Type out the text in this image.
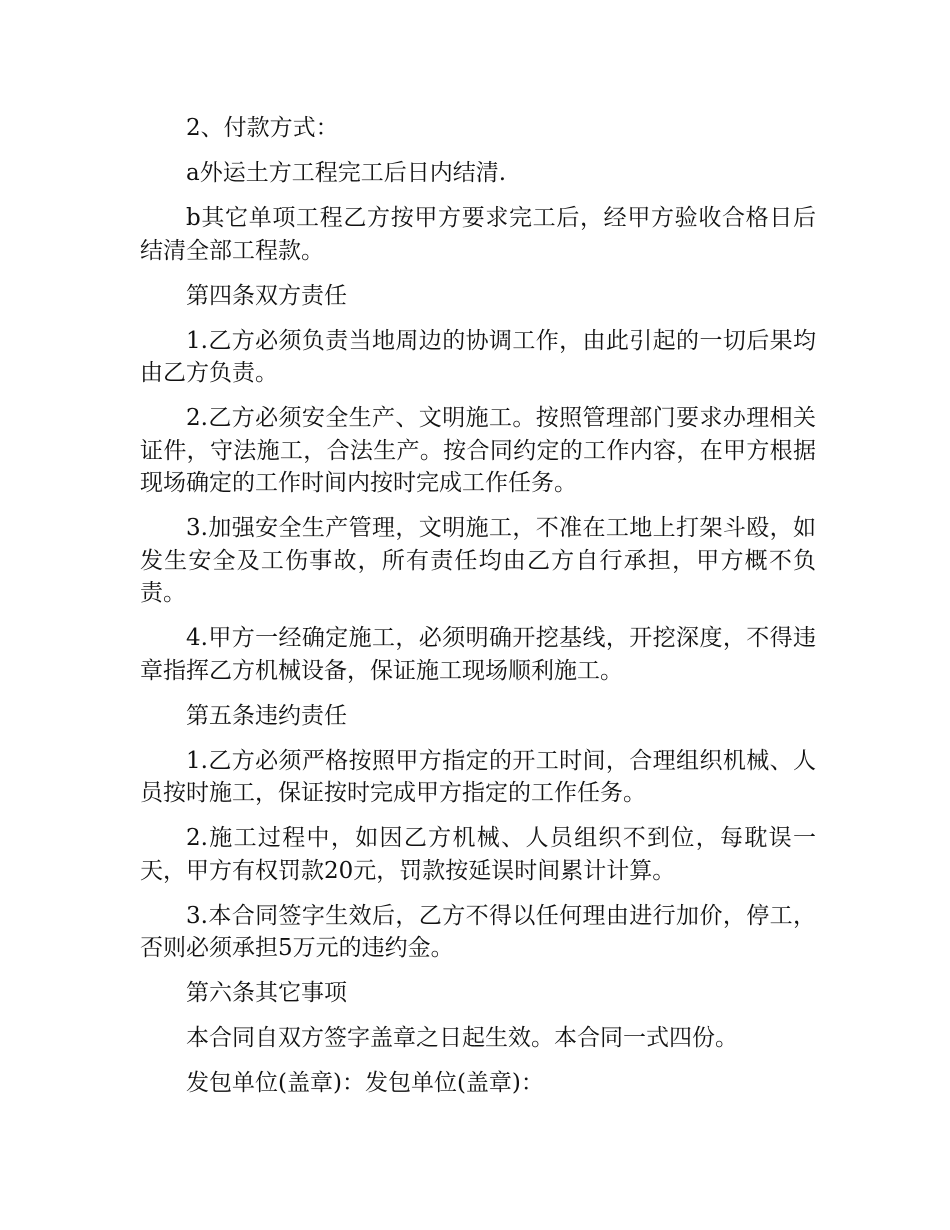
2、付款方式：

a外运土方工程完工后日内结清.

b其它单项工程乙方按甲方要求完工后，经甲方验收合格日后结清全部工程款。

第四条双方责任

1.乙方必须负责当地周边的协调工作，由此引起的一切后果均由乙方负责。

2.乙方必须安全生产、文明施工。按照管理部门要求办理相关证件，守法施工，合法生产。按合同约定的工作内容，在甲方根据现场确定的工作时间内按时完成工作任务。

3.加强安全生产管理，文明施工，不准在工地上打架斗殴，如发生安全及工伤事故，所有责任均由乙方自行承担，甲方概不负责。

4.甲方一经确定施工，必须明确开挖基线，开挖深度，不得违章指挥乙方机械设备，保证施工现场顺利施工。

第五条违约责任

1.乙方必须严格按照甲方指定的开工时间，合理组织机械、人员按时施工，保证按时完成甲方指定的工作任务。

2.施工过程中，如因乙方机械、人员组织不到位，每耽误一天，甲方有权罚款20元，罚款按延误时间累计计算。

3.本合同签字生效后，乙方不得以任何理由进行加价，停工，否则必须承担5万元的违约金。

第六条其它事项

本合同自双方签字盖章之日起生效。本合同一式四份。

发包单位(盖章)：发包单位(盖章)：
